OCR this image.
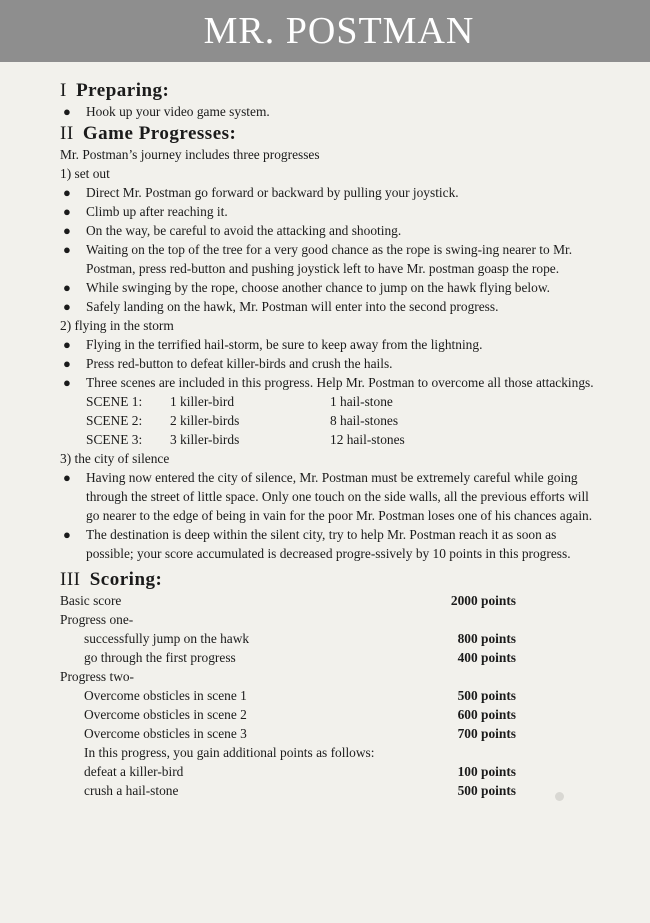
MR. POSTMAN
I Preparing:
● Hook up your video game system.
II Game Progresses:
Mr. Postman’s journey includes three progresses
1) set out
● Direct Mr. Postman go forward or backward by pulling your joystick.
● Climb up after reaching it.
● On the way, be careful to avoid the attacking and shooting.
● Waiting on the top of the tree for a very good chance as the rope is swing-ing nearer to Mr. Postman, press red-button and pushing joystick left to have Mr. postman goasp the rope.
● While swinging by the rope, choose another chance to jump on the hawk flying below.
● Safely landing on the hawk, Mr. Postman will enter into the second progress.
2) flying in the storm
● Flying in the terrified hail-storm, be sure to keep away from the lightning.
● Press red-button to defeat killer-birds and crush the hails.
● Three scenes are included in this progress. Help Mr. Postman to overcome all those attackings.
SCENE 1:	1 killer-bird	1 hail-stone
SCENE 2:	2 killer-birds	8 hail-stones
SCENE 3:	3 killer-birds	12 hail-stones
3) the city of silence
● Having now entered the city of silence, Mr. Postman must be extremely careful while going through the street of little space. Only one touch on the side walls, all the previous efforts will go nearer to the edge of being in vain for the poor Mr. Postman loses one of his chances again.
● The destination is deep within the silent city, try to help Mr. Postman reach it as soon as possible; your score accumulated is decreased progre-ssively by 10 points in this progress.
III Scoring:
Basic score	2000 points
Progress one-
successfully jump on the hawk	800 points
go through the first progress	400 points
Progress two-
Overcome obsticles in scene 1	500 points
Overcome obsticles in scene 2	600 points
Overcome obsticles in scene 3	700 points
In this progress, you gain additional points as follows:
defeat a killer-bird	100 points
crush a hail-stone	500 points
